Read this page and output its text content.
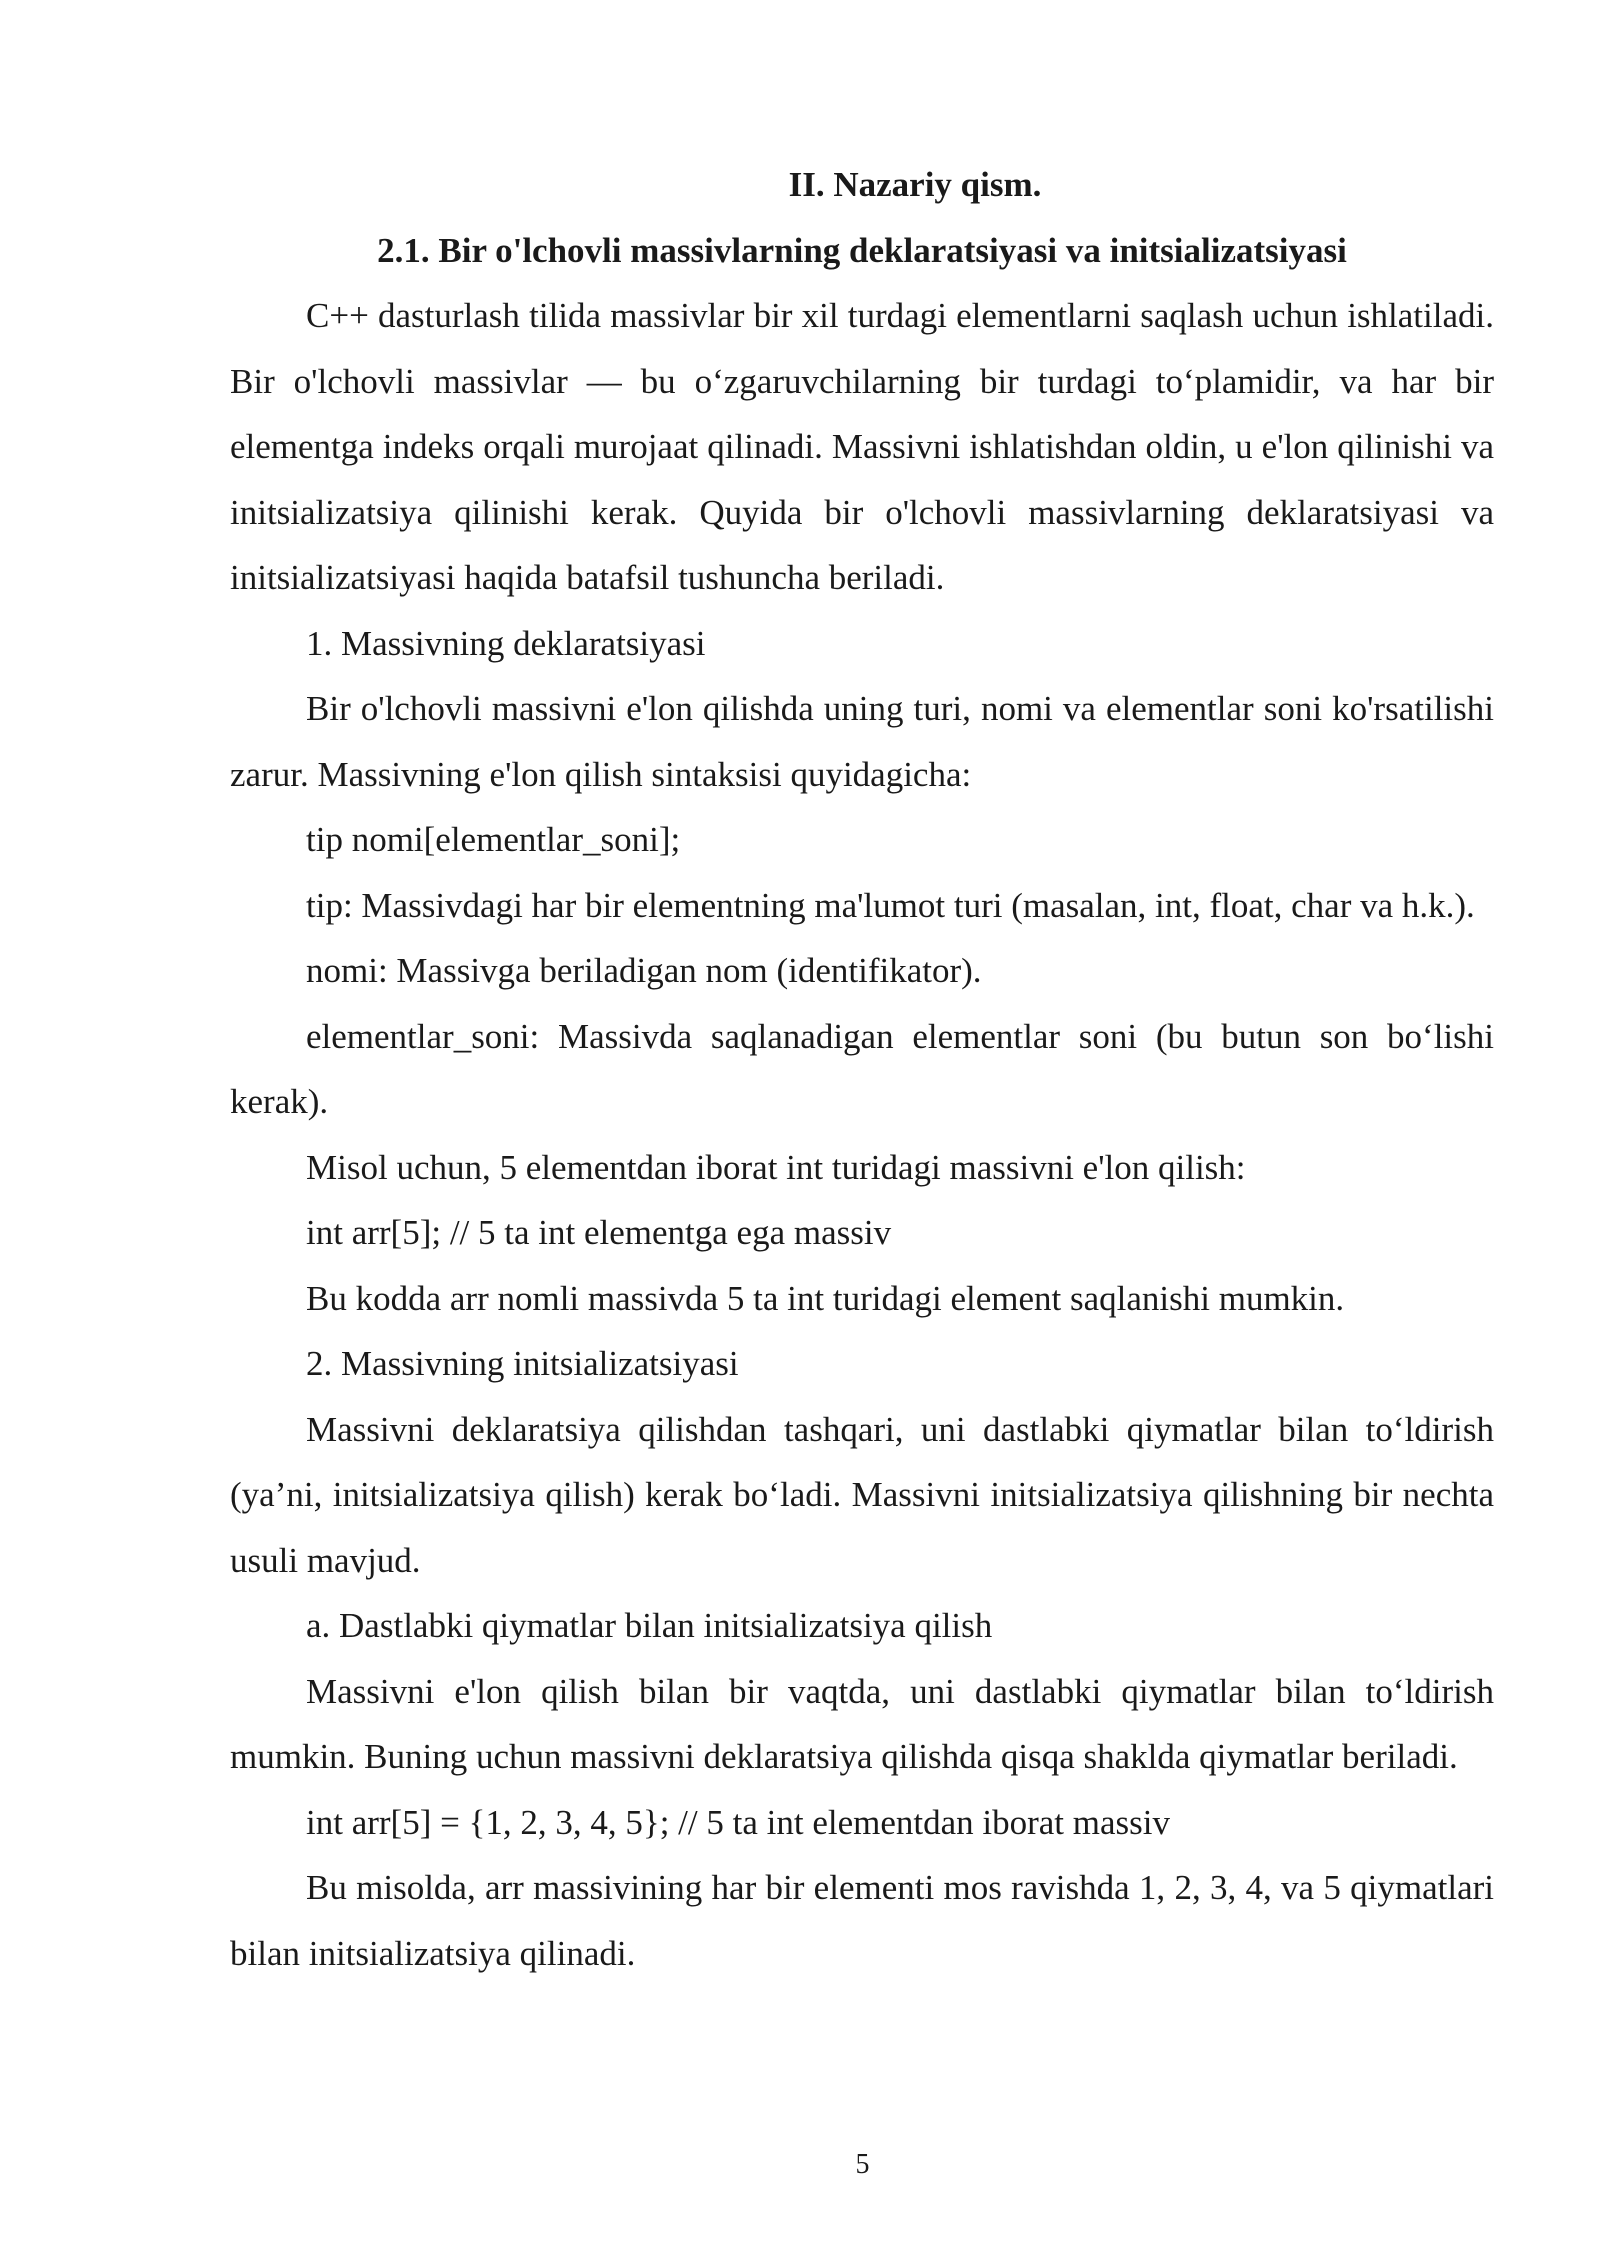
II. Nazariy qism.

2.1. Bir o'lchovli massivlarning deklaratsiyasi va initsializatsiyasi

C++ dasturlash tilida massivlar bir xil turdagi elementlarni saqlash uchun ishlatiladi. Bir o'lchovli massivlar — bu o‘zgaruvchilarning bir turdagi to‘plamidir, va har bir elementga indeks orqali murojaat qilinadi. Massivni ishlatishdan oldin, u e'lon qilinishi va initsializatsiya qilinishi kerak. Quyida bir o'lchovli massivlarning deklaratsiyasi va initsializatsiyasi haqida batafsil tushuncha beriladi.

1. Massivning deklaratsiyasi

Bir o'lchovli massivni e'lon qilishda uning turi, nomi va elementlar soni ko'rsatilishi zarur. Massivning e'lon qilish sintaksisi quyidagicha:

tip nomi[elementlar_soni];

tip: Massivdagi har bir elementning ma'lumot turi (masalan, int, float, char va h.k.).

nomi: Massivga beriladigan nom (identifikator).

elementlar_soni: Massivda saqlanadigan elementlar soni (bu butun son bo‘lishi kerak).

Misol uchun, 5 elementdan iborat int turidagi massivni e'lon qilish:

int arr[5]; // 5 ta int elementga ega massiv

Bu kodda arr nomli massivda 5 ta int turidagi element saqlanishi mumkin.

2. Massivning initsializatsiyasi

Massivni deklaratsiya qilishdan tashqari, uni dastlabki qiymatlar bilan to‘ldirish (ya’ni, initsializatsiya qilish) kerak bo‘ladi. Massivni initsializatsiya qilishning bir nechta usuli mavjud.

a. Dastlabki qiymatlar bilan initsializatsiya qilish

Massivni e'lon qilish bilan bir vaqtda, uni dastlabki qiymatlar bilan to‘ldirish mumkin. Buning uchun massivni deklaratsiya qilishda qisqa shaklda qiymatlar beriladi.

int arr[5] = {1, 2, 3, 4, 5}; // 5 ta int elementdan iborat massiv

Bu misolda, arr massivining har bir elementi mos ravishda 1, 2, 3, 4, va 5 qiymatlari bilan initsializatsiya qilinadi.

5
